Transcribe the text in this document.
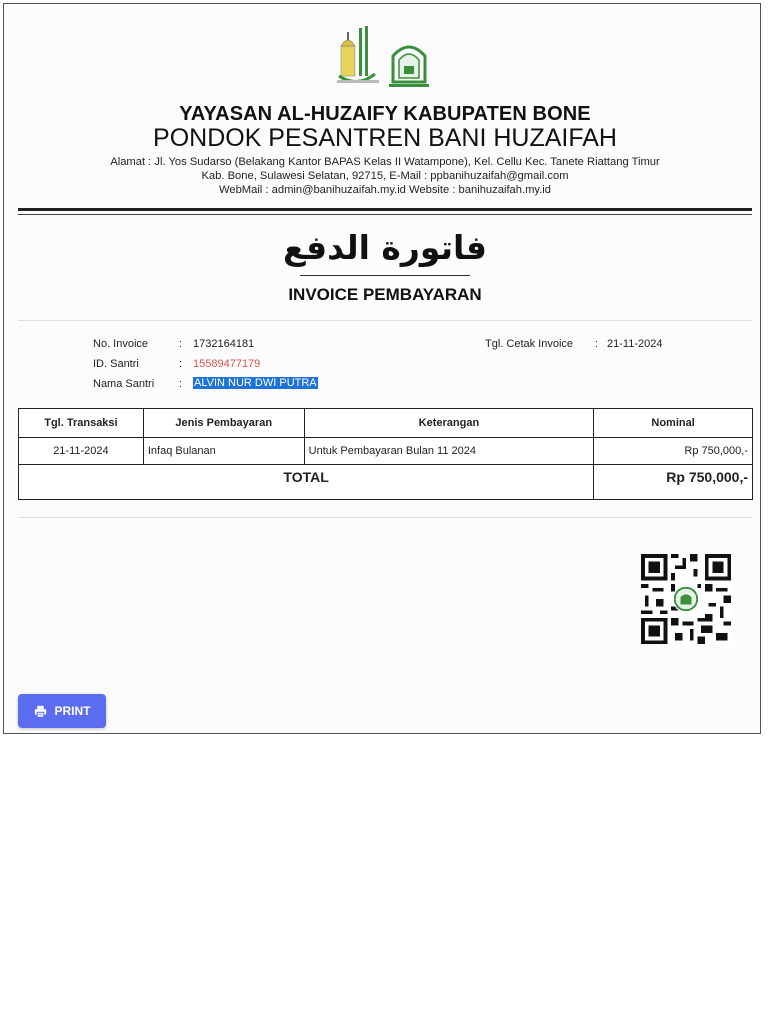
YAYASAN AL-HUZAIFY KABUPATEN BONE
PONDOK PESANTREN BANI HUZAIFAH
Alamat : Jl. Yos Sudarso (Belakang Kantor BAPAS Kelas II Watampone), Kel. Cellu Kec. Tanete Riattang Timur
Kab. Bone, Sulawesi Selatan, 92715, E-Mail : ppbanihuzaifah@gmail.com
WebMail : admin@banihuzaifah.my.id Website : banihuzaifah.my.id
فاتورة الدفع
INVOICE PEMBAYARAN
No. Invoice	: 1732164181
ID. Santri	: 15589477179
Nama Santri : ALVIN NUR DWI PUTRA
Tgl. Cetak Invoice : 21-11-2024
Tgl. Transaksi	Jenis Pembayaran	Keterangan	Nominal
21-11-2024	Infaq Bulanan	Untuk Pembayaran Bulan 11 2024	Rp 750,000,-
TOTAL			Rp 750,000,-
PRINT
